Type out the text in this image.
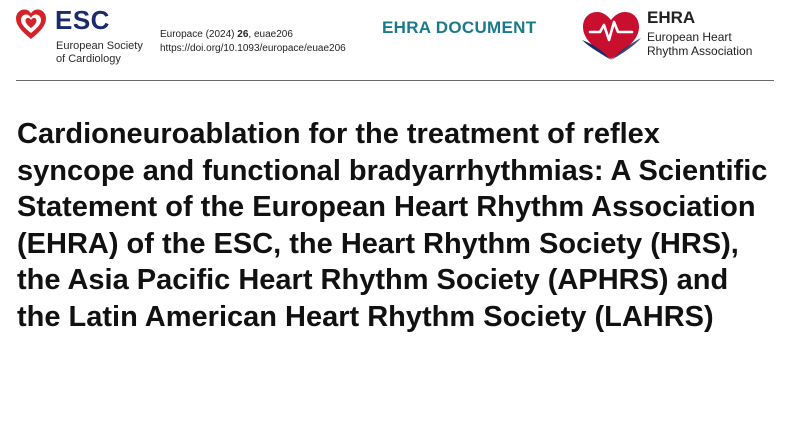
ESC
European Society
of Cardiology
Europace (2024) 26, euae206
https://doi.org/10.1093/europace/euae206
EHRA DOCUMENT
EHRA
European Heart
Rhythm Association
Cardioneuroablation for the treatment of reflex syncope and functional bradyarrhythmias: A Scientific Statement of the European Heart Rhythm Association (EHRA) of the ESC, the Heart Rhythm Society (HRS), the Asia Pacific Heart Rhythm Society (APHRS) and the Latin American Heart Rhythm Society (LAHRS)
